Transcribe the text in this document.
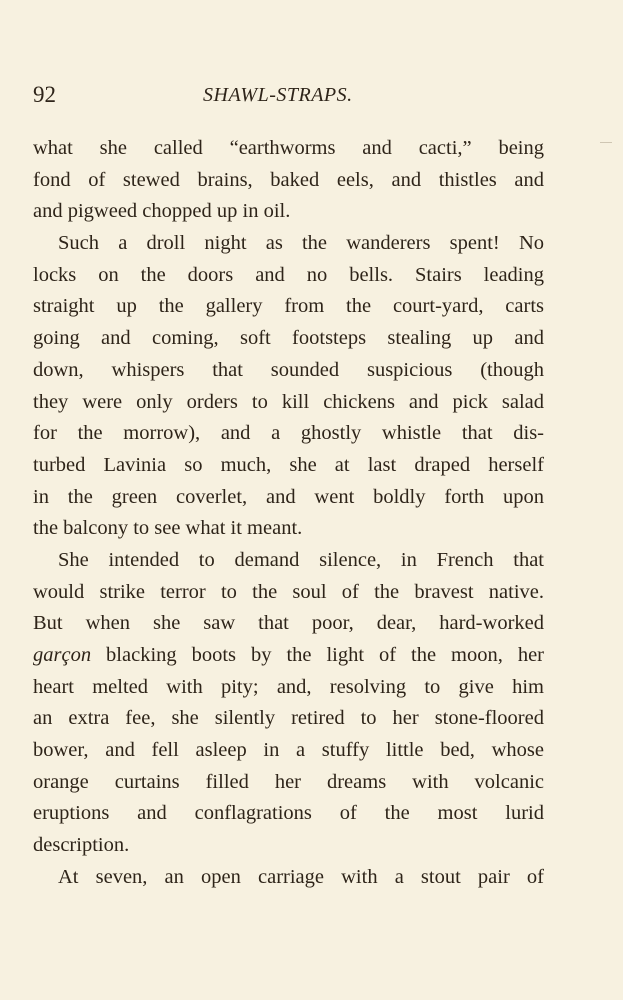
92	SHAWL-STRAPS.
what she called “earthworms and cacti,” being
fond of stewed brains, baked eels, and thistles and
and pigweed chopped up in oil.
Such a droll night as the wanderers spent! No
locks on the doors and no bells. Stairs leading
straight up the gallery from the court-yard, carts
going and coming, soft footsteps stealing up and
down, whispers that sounded suspicious (though
they were only orders to kill chickens and pick salad
for the morrow), and a ghostly whistle that dis-
turbed Lavinia so much, she at last draped herself
in the green coverlet, and went boldly forth upon
the balcony to see what it meant.
She intended to demand silence, in French that
would strike terror to the soul of the bravest native.
But when she saw that poor, dear, hard-worked
garçon blacking boots by the light of the moon, her
heart melted with pity; and, resolving to give him
an extra fee, she silently retired to her stone-floored
bower, and fell asleep in a stuffy little bed, whose
orange curtains filled her dreams with volcanic
eruptions and conflagrations of the most lurid
description.
At seven, an open carriage with a stout pair of
